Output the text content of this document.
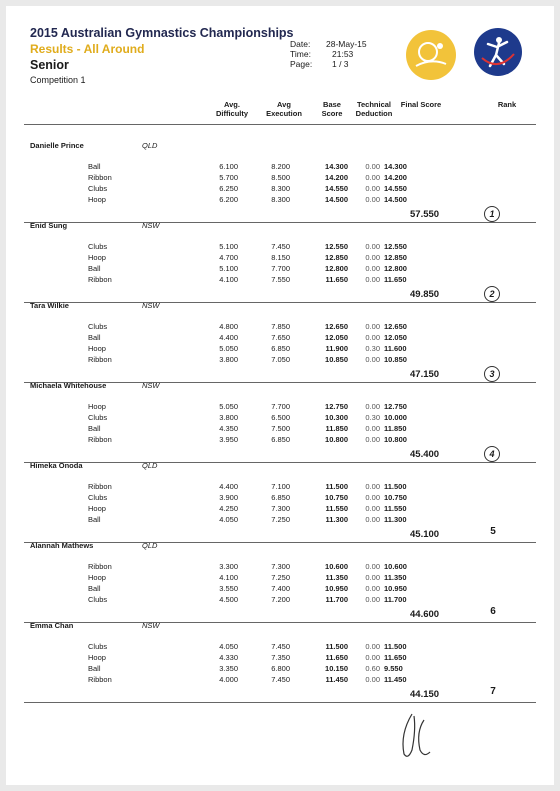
2015 Australian Gymnastics Championships
Results - All Around
Senior
Competition 1
Date: 28-May-15
Time: 21:53
Page: 1 / 3
Avg.
Difficulty
Avg
Execution
Base
Score
Technical
Deduction
Final Score	Rank
Danielle Prince	QLD
Ball	6.100	8.200	14.300	0.00 14.300
Ribbon	5.700	8.500	14.200	0.00 14.200
Clubs	6.250	8.300	14.550	0.00 14.550
Hoop	6.200	8.300	14.500	0.00 14.500
57.550	1
Enid Sung	NSW
Clubs	5.100	7.450	12.550	0.00 12.550
Hoop	4.700	8.150	12.850	0.00 12.850
Ball	5.100	7.700	12.800	0.00 12.800
Ribbon	4.100	7.550	11.650	0.00 11.650
49.850	2
Tara Wilkie	NSW
Clubs	4.800	7.850	12.650	0.00 12.650
Ball	4.400	7.650	12.050	0.00 12.050
Hoop	5.050	6.850	11.900	0.30 11.600
Ribbon	3.800	7.050	10.850	0.00 10.850
47.150	3
Michaela Whitehouse	NSW
Hoop	5.050	7.700	12.750	0.00 12.750
Clubs	3.800	6.500	10.300	0.30 10.000
Ball	4.350	7.500	11.850	0.00 11.850
Ribbon	3.950	6.850	10.800	0.00 10.800
45.400	4
Himeka Onoda	QLD
Ribbon	4.400	7.100	11.500	0.00 11.500
Clubs	3.900	6.850	10.750	0.00 10.750
Hoop	4.250	7.300	11.550	0.00 11.550
Ball	4.050	7.250	11.300	0.00 11.300
45.100	5
Alannah Mathews	QLD
Ribbon	3.300	7.300	10.600	0.00 10.600
Hoop	4.100	7.250	11.350	0.00 11.350
Ball	3.550	7.400	10.950	0.00 10.950
Clubs	4.500	7.200	11.700	0.00 11.700
44.600	6
Emma Chan	NSW
Clubs	4.050	7.450	11.500	0.00 11.500
Hoop	4.330	7.350	11.650	0.00 11.650
Ball	3.350	6.800	10.150	0.60 9.550
Ribbon	4.000	7.450	11.450	0.00 11.450
44.150	7
